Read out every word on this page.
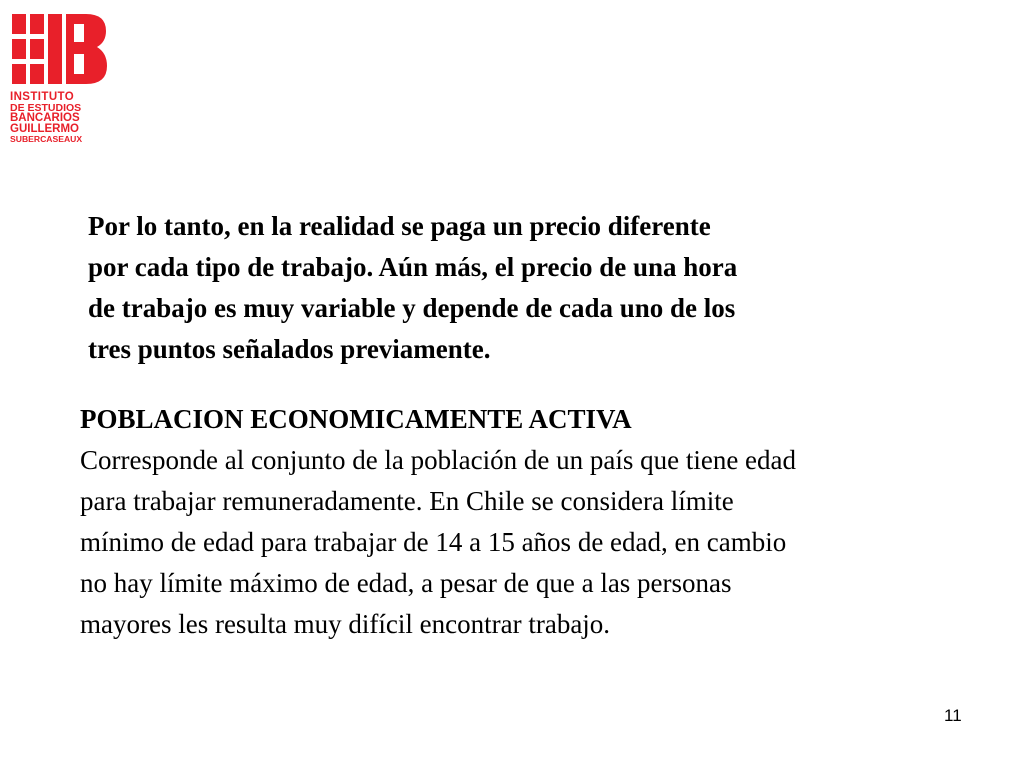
INSTITUTO
DE ESTUDIOS
BANCARIOS
GUILLERMO
SUBERCASEAUX
Por lo tanto, en la realidad se paga un precio diferente
por cada tipo de trabajo. Aún más, el precio de una hora
de trabajo es muy variable y depende de cada uno de los
tres puntos señalados previamente.
POBLACION ECONOMICAMENTE ACTIVA
Corresponde al conjunto de la población de un país que tiene edad
para trabajar remuneradamente. En Chile se considera límite
mínimo de edad para trabajar de 14 a 15 años de edad, en cambio
no hay límite máximo de edad, a pesar de que a las personas
mayores les resulta muy difícil encontrar trabajo.
11
